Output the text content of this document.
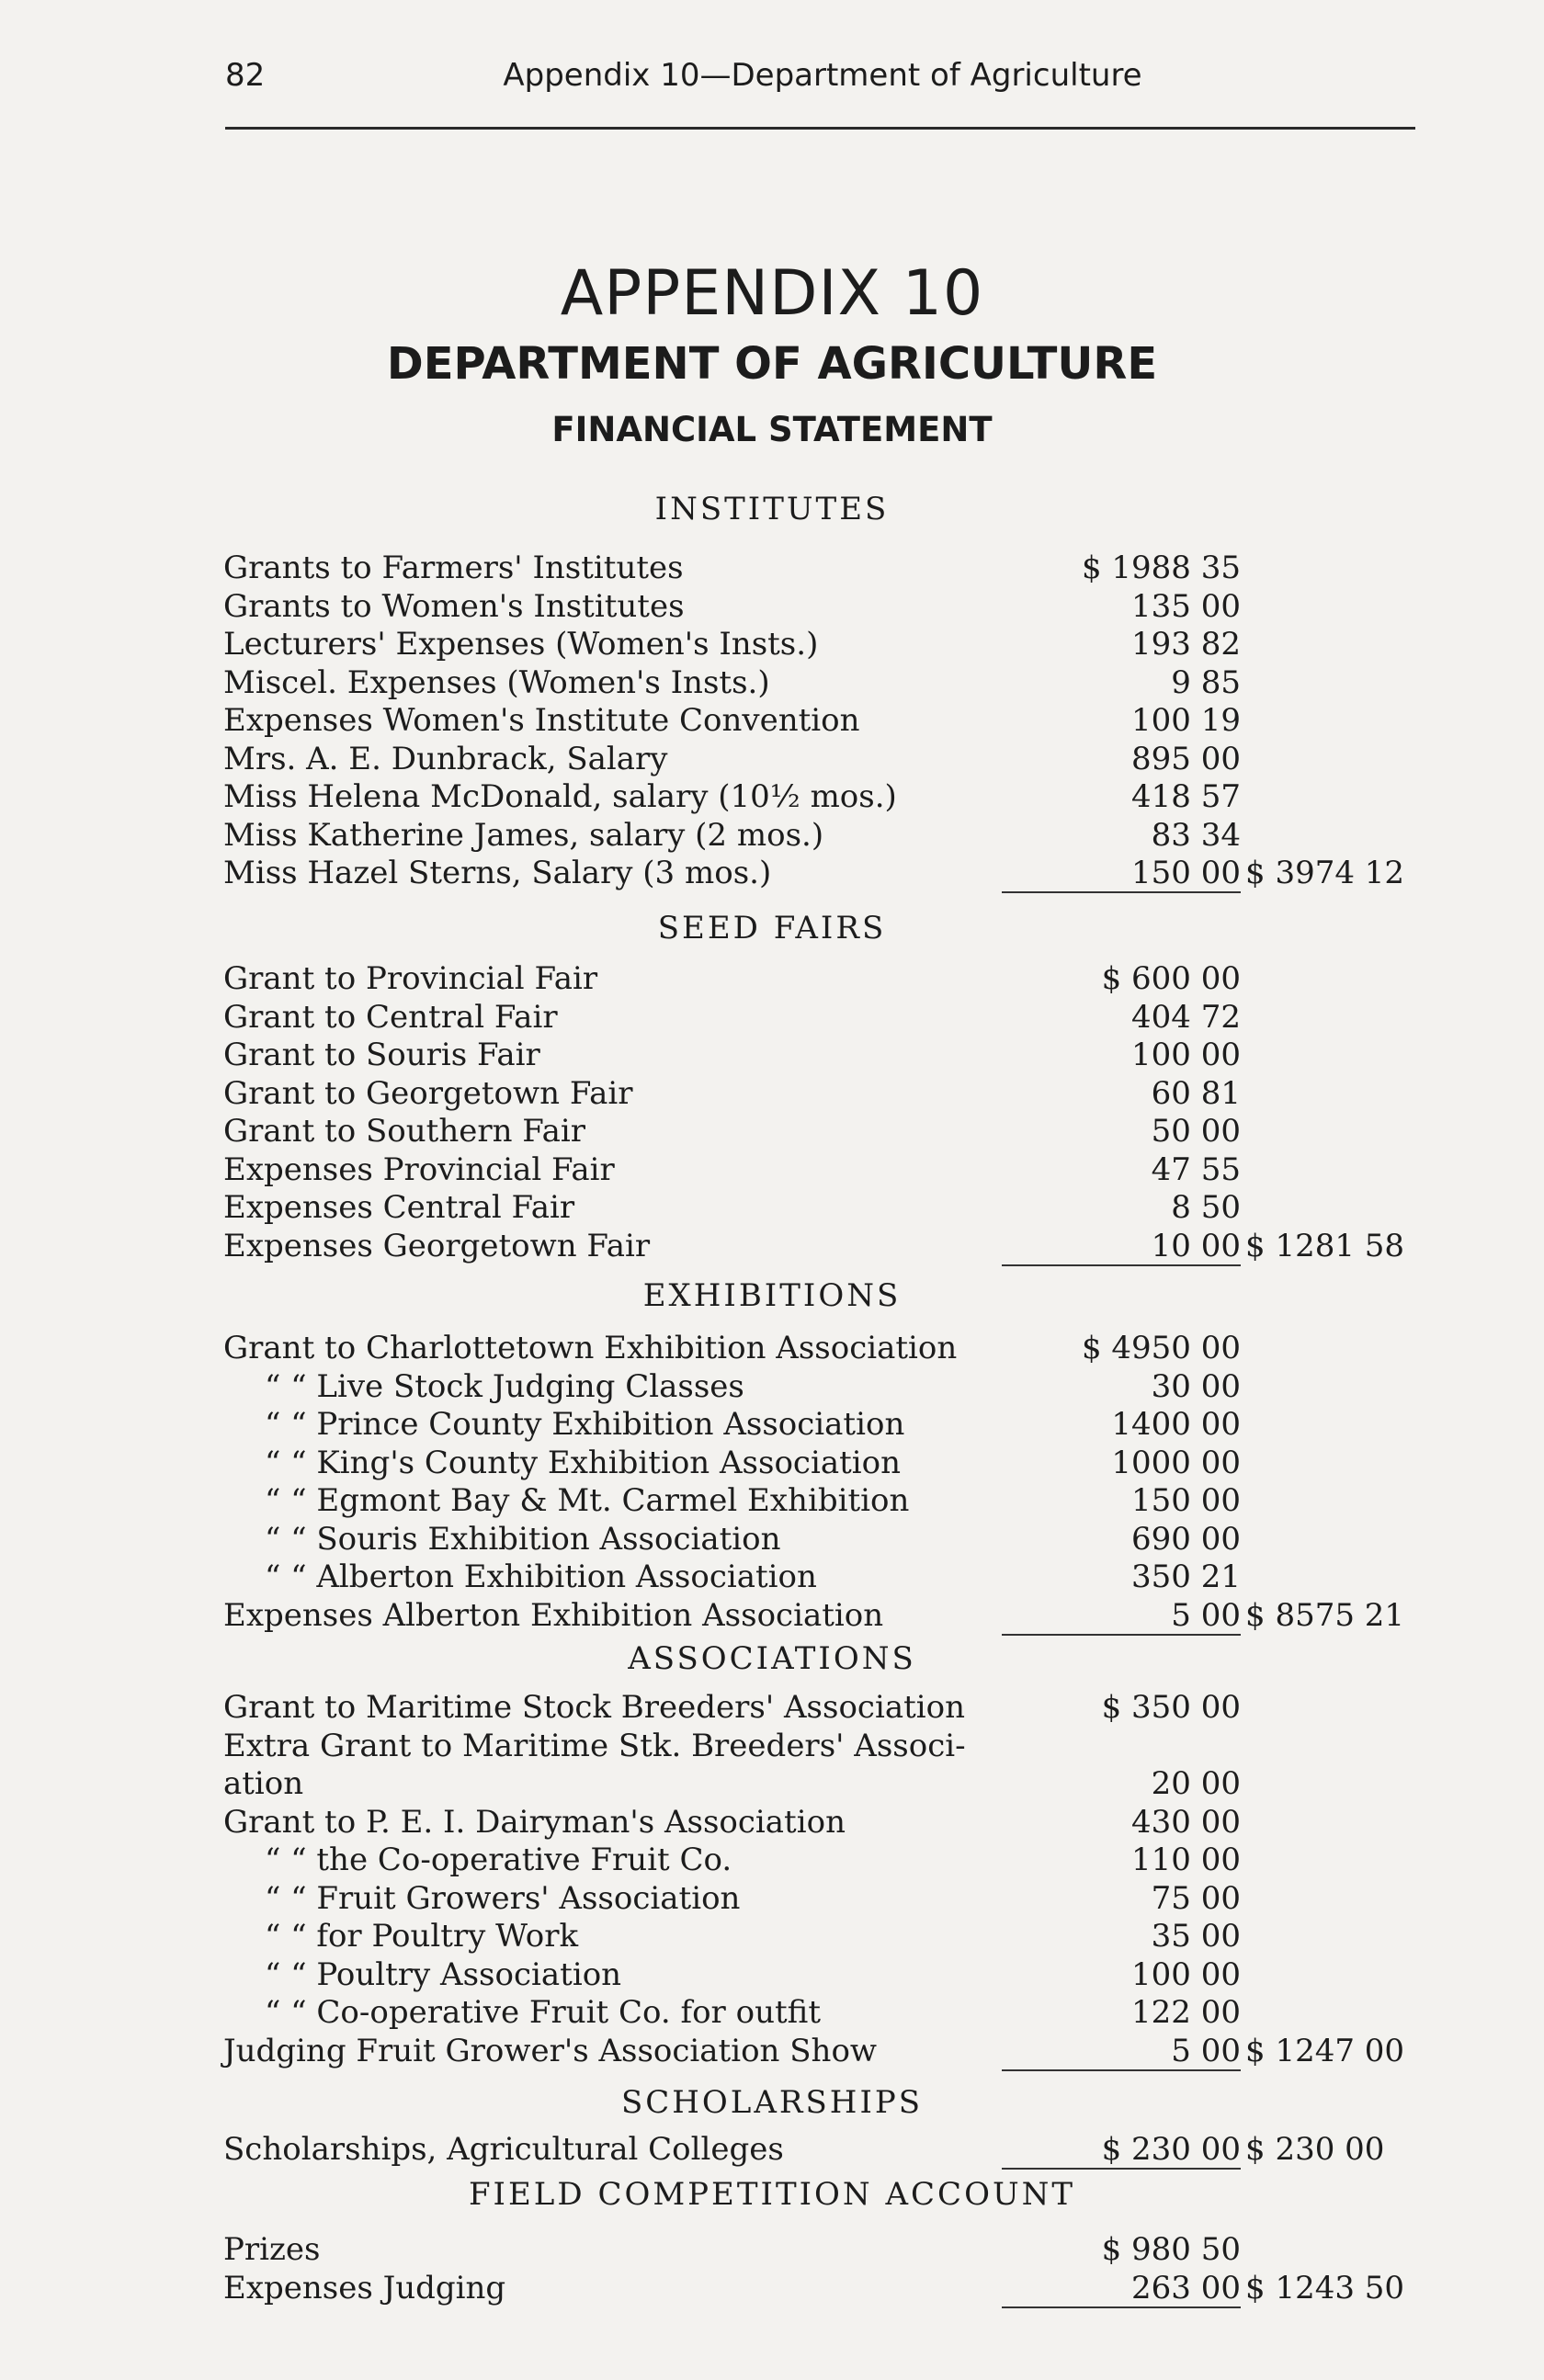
82	Appendix 10—Department of Agriculture
APPENDIX 10
DEPARTMENT OF AGRICULTURE
FINANCIAL STATEMENT
INSTITUTES
Grants to Farmers' Institutes	$ 1988 35
Grants to Women's Institutes	135 00
Lecturers' Expenses (Women's Insts.)	193 82
Miscel. Expenses (Women's Insts.)	9 85
Expenses Women's Institute Convention	100 19
Mrs. A. E. Dunbrack, Salary	895 00
Miss Helena McDonald, salary (10½ mos.)	418 57
Miss Katherine James, salary (2 mos.)	83 34
Miss Hazel Sterns, Salary (3 mos.)	150 00 $ 3974 12
SEED FAIRS
Grant to Provincial Fair	$ 600 00
Grant to Central Fair	404 72
Grant to Souris Fair	100 00
Grant to Georgetown Fair	60 81
Grant to Southern Fair	50 00
Expenses Provincial Fair	47 55
Expenses Central Fair	8 50
Expenses Georgetown Fair	10 00 $ 1281 58
EXHIBITIONS
Grant to Charlottetown Exhibition Association	$ 4950 00
“ “ Live Stock Judging Classes	30 00
“ “ Prince County Exhibition Association	1400 00
“ “ King's County Exhibition Association	1000 00
“ “ Egmont Bay & Mt. Carmel Exhibition	150 00
“ “ Souris Exhibition Association	690 00
“ “ Alberton Exhibition Association	350 21
Expenses Alberton Exhibition Association	5 00 $ 8575 21
ASSOCIATIONS
Grant to Maritime Stock Breeders' Association	$ 350 00
Extra Grant to Maritime Stk. Breeders' Associ-
ation	20 00
Grant to P. E. I. Dairyman's Association	430 00
“ “ the Co-operative Fruit Co.	110 00
“ “ Fruit Growers' Association	75 00
“ “ for Poultry Work	35 00
“ “ Poultry Association	100 00
“ “ Co-operative Fruit Co. for outfit	122 00
Judging Fruit Grower's Association Show	5 00 $ 1247 00
SCHOLARSHIPS
Scholarships, Agricultural Colleges	$ 230 00 $ 230 00
FIELD COMPETITION ACCOUNT
Prizes	$ 980 50
Expenses Judging	263 00 $ 1243 50
